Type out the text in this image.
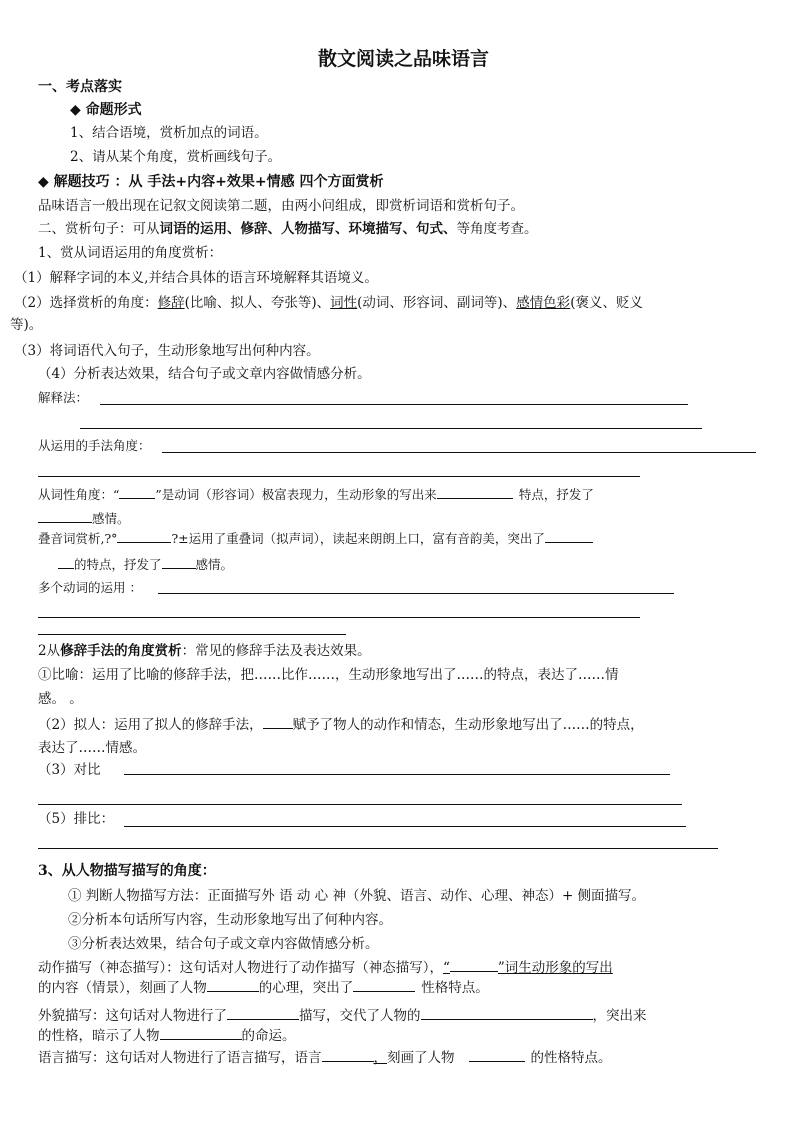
散文阅读之品味语言
一、考点落实
◆ 命题形式
1、结合语境，赏析加点的词语。
2、请从某个角度，赏析画线句子。
◆ 解题技巧 ：从 手法+内容+效果+情感 四个方面赏析
品味语言一般出现在记叙文阅读第二题，由两小问组成，即赏析词语和赏析句子。
二、赏析句子：可从词语的运用、修辞、人物描写、环境描写、句式、等角度考查。
1、赏从词语运用的角度赏析：
（1）解释字词的本义,并结合具体的语言环境解释其语境义。
（2）选择赏析的角度：修辞(比喻、拟人、夸张等)、词性(动词、形容词、副词等)、感情色彩(褒义、贬义
等)。
（3）将词语代入句子，生动形象地写出何种内容。
（4）分析表达效果，结合句子或文章内容做情感分析。
解释法：
从运用的手法角度：
从词性角度：“	”是动词（形容词）极富表现力，生动形象的写出来	特点，抒发了
感情。
叠音词赏析,?°	?±运用了重叠词（拟声词），读起来朗朗上口，富有音韵美，突出了
的特点，抒发了	感情。
多个动词的运用 ：
2从修辞手法的角度赏析：常见的修辞手法及表达效果。
①比喻：运用了比喻的修辞手法，把……比作……，生动形象地写出了……的特点，表达了……情
感。 。
（2）拟人：运用了拟人的修辞手法， 赋予了物人的动作和情态，生动形象地写出了……的特点，
表达了……情感。
（3）对比
（5）排比：
3、从人物描写描写的角度：
① 判断人物描写方法：正面描写外 语 动 心 神（外貌、语言、动作、心理、神态）+ 侧面描写。
②分析本句话所写内容，生动形象地写出了何种内容。
③分析表达效果，结合句子或文章内容做情感分析。
动作描写（神态描写）：这句话对人物进行了动作描写（神态描写），“	”词生动形象的写出
的内容（情景），刻画了人物	的心理，突出了	性格特点。
外貌描写：这句话对人物进行了	描写，交代了人物的	，突出来
的性格，暗示了人物	的命运。
语言描写：这句话对人物进行了语言描写，语言	，刻画了人物	的性格特点。
